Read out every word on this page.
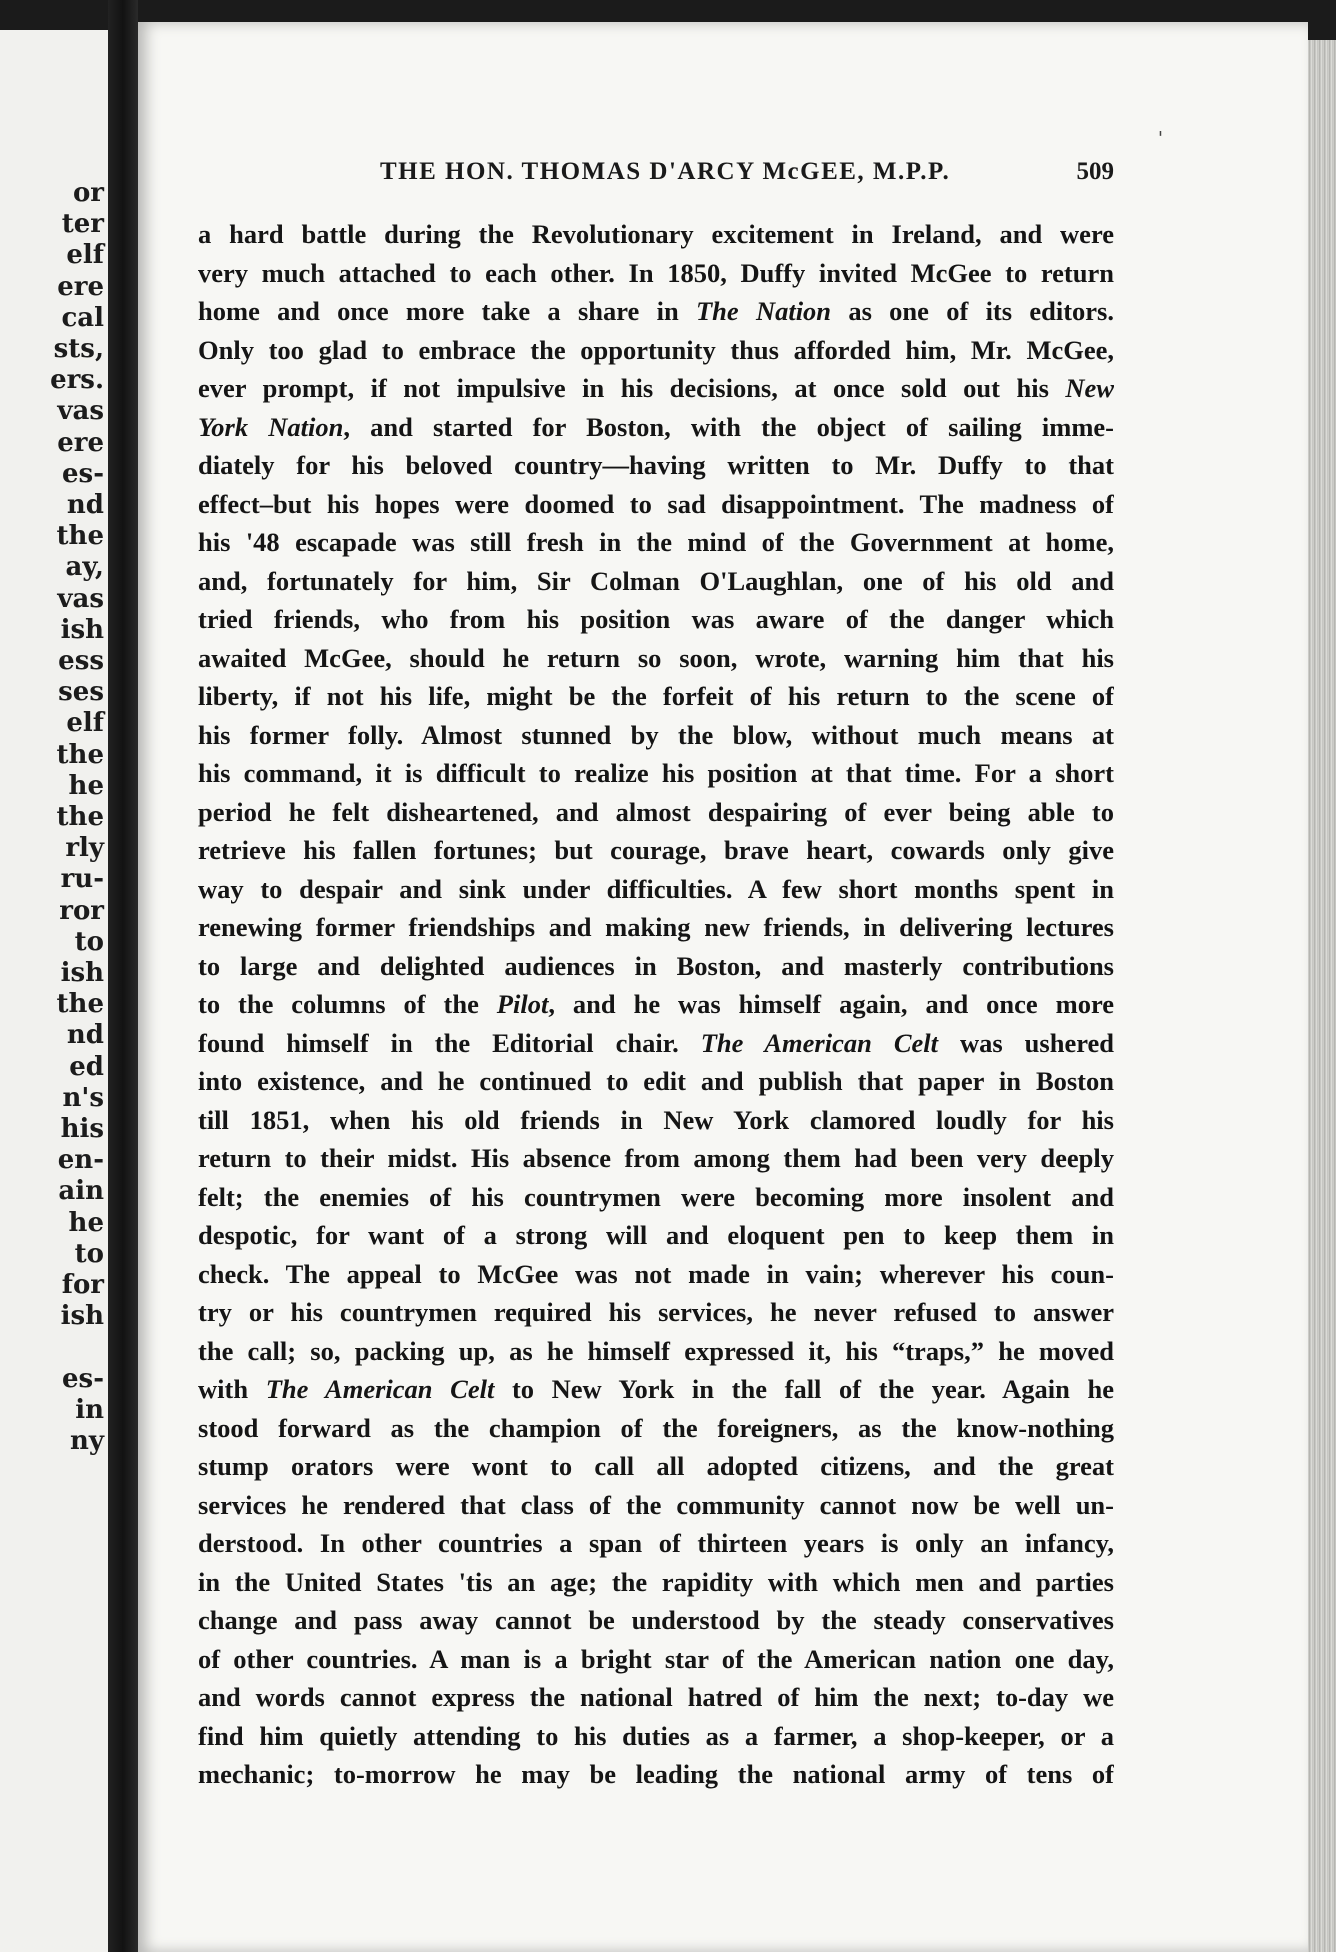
or
ter
elf
ere
cal
sts,
ers.
vas
ere
es-
nd
the
ay,
vas
ish
ess
ses
elf
the
he
the
rly
ru-
ror
to
ish
the
nd
ed
n's
his
en-
ain
he
to
for
ish
es-
in
ny
'
THE HON. THOMAS D'ARCY McGEE, M.P.P.	509
a hard battle during the Revolutionary excitement in Ireland, and were
very much attached to each other. In 1850, Duffy invited McGee to return
home and once more take a share in The Nation as one of its editors.
Only too glad to embrace the opportunity thus afforded him, Mr. McGee,
ever prompt, if not impulsive in his decisions, at once sold out his New
York Nation, and started for Boston, with the object of sailing imme-
diately for his beloved country—having written to Mr. Duffy to that
effect–but his hopes were doomed to sad disappointment. The madness of
his '48 escapade was still fresh in the mind of the Government at home,
and, fortunately for him, Sir Colman O'Laughlan, one of his old and
tried friends, who from his position was aware of the danger which
awaited McGee, should he return so soon, wrote, warning him that his
liberty, if not his life, might be the forfeit of his return to the scene of
his former folly. Almost stunned by the blow, without much means at
his command, it is difficult to realize his position at that time. For a short
period he felt disheartened, and almost despairing of ever being able to
retrieve his fallen fortunes; but courage, brave heart, cowards only give
way to despair and sink under difficulties. A few short months spent in
renewing former friendships and making new friends, in delivering lectures
to large and delighted audiences in Boston, and masterly contributions
to the columns of the Pilot, and he was himself again, and once more
found himself in the Editorial chair. The American Celt was ushered
into existence, and he continued to edit and publish that paper in Boston
till 1851, when his old friends in New York clamored loudly for his
return to their midst. His absence from among them had been very deeply
felt; the enemies of his countrymen were becoming more insolent and
despotic, for want of a strong will and eloquent pen to keep them in
check. The appeal to McGee was not made in vain; wherever his coun-
try or his countrymen required his services, he never refused to answer
the call; so, packing up, as he himself expressed it, his “traps,” he moved
with The American Celt to New York in the fall of the year. Again he
stood forward as the champion of the foreigners, as the know-nothing
stump orators were wont to call all adopted citizens, and the great
services he rendered that class of the community cannot now be well un-
derstood. In other countries a span of thirteen years is only an infancy,
in the United States 'tis an age; the rapidity with which men and parties
change and pass away cannot be understood by the steady conservatives
of other countries. A man is a bright star of the American nation one day,
and words cannot express the national hatred of him the next; to-day we
find him quietly attending to his duties as a farmer, a shop-keeper, or a
mechanic; to-morrow he may be leading the national army of tens of
